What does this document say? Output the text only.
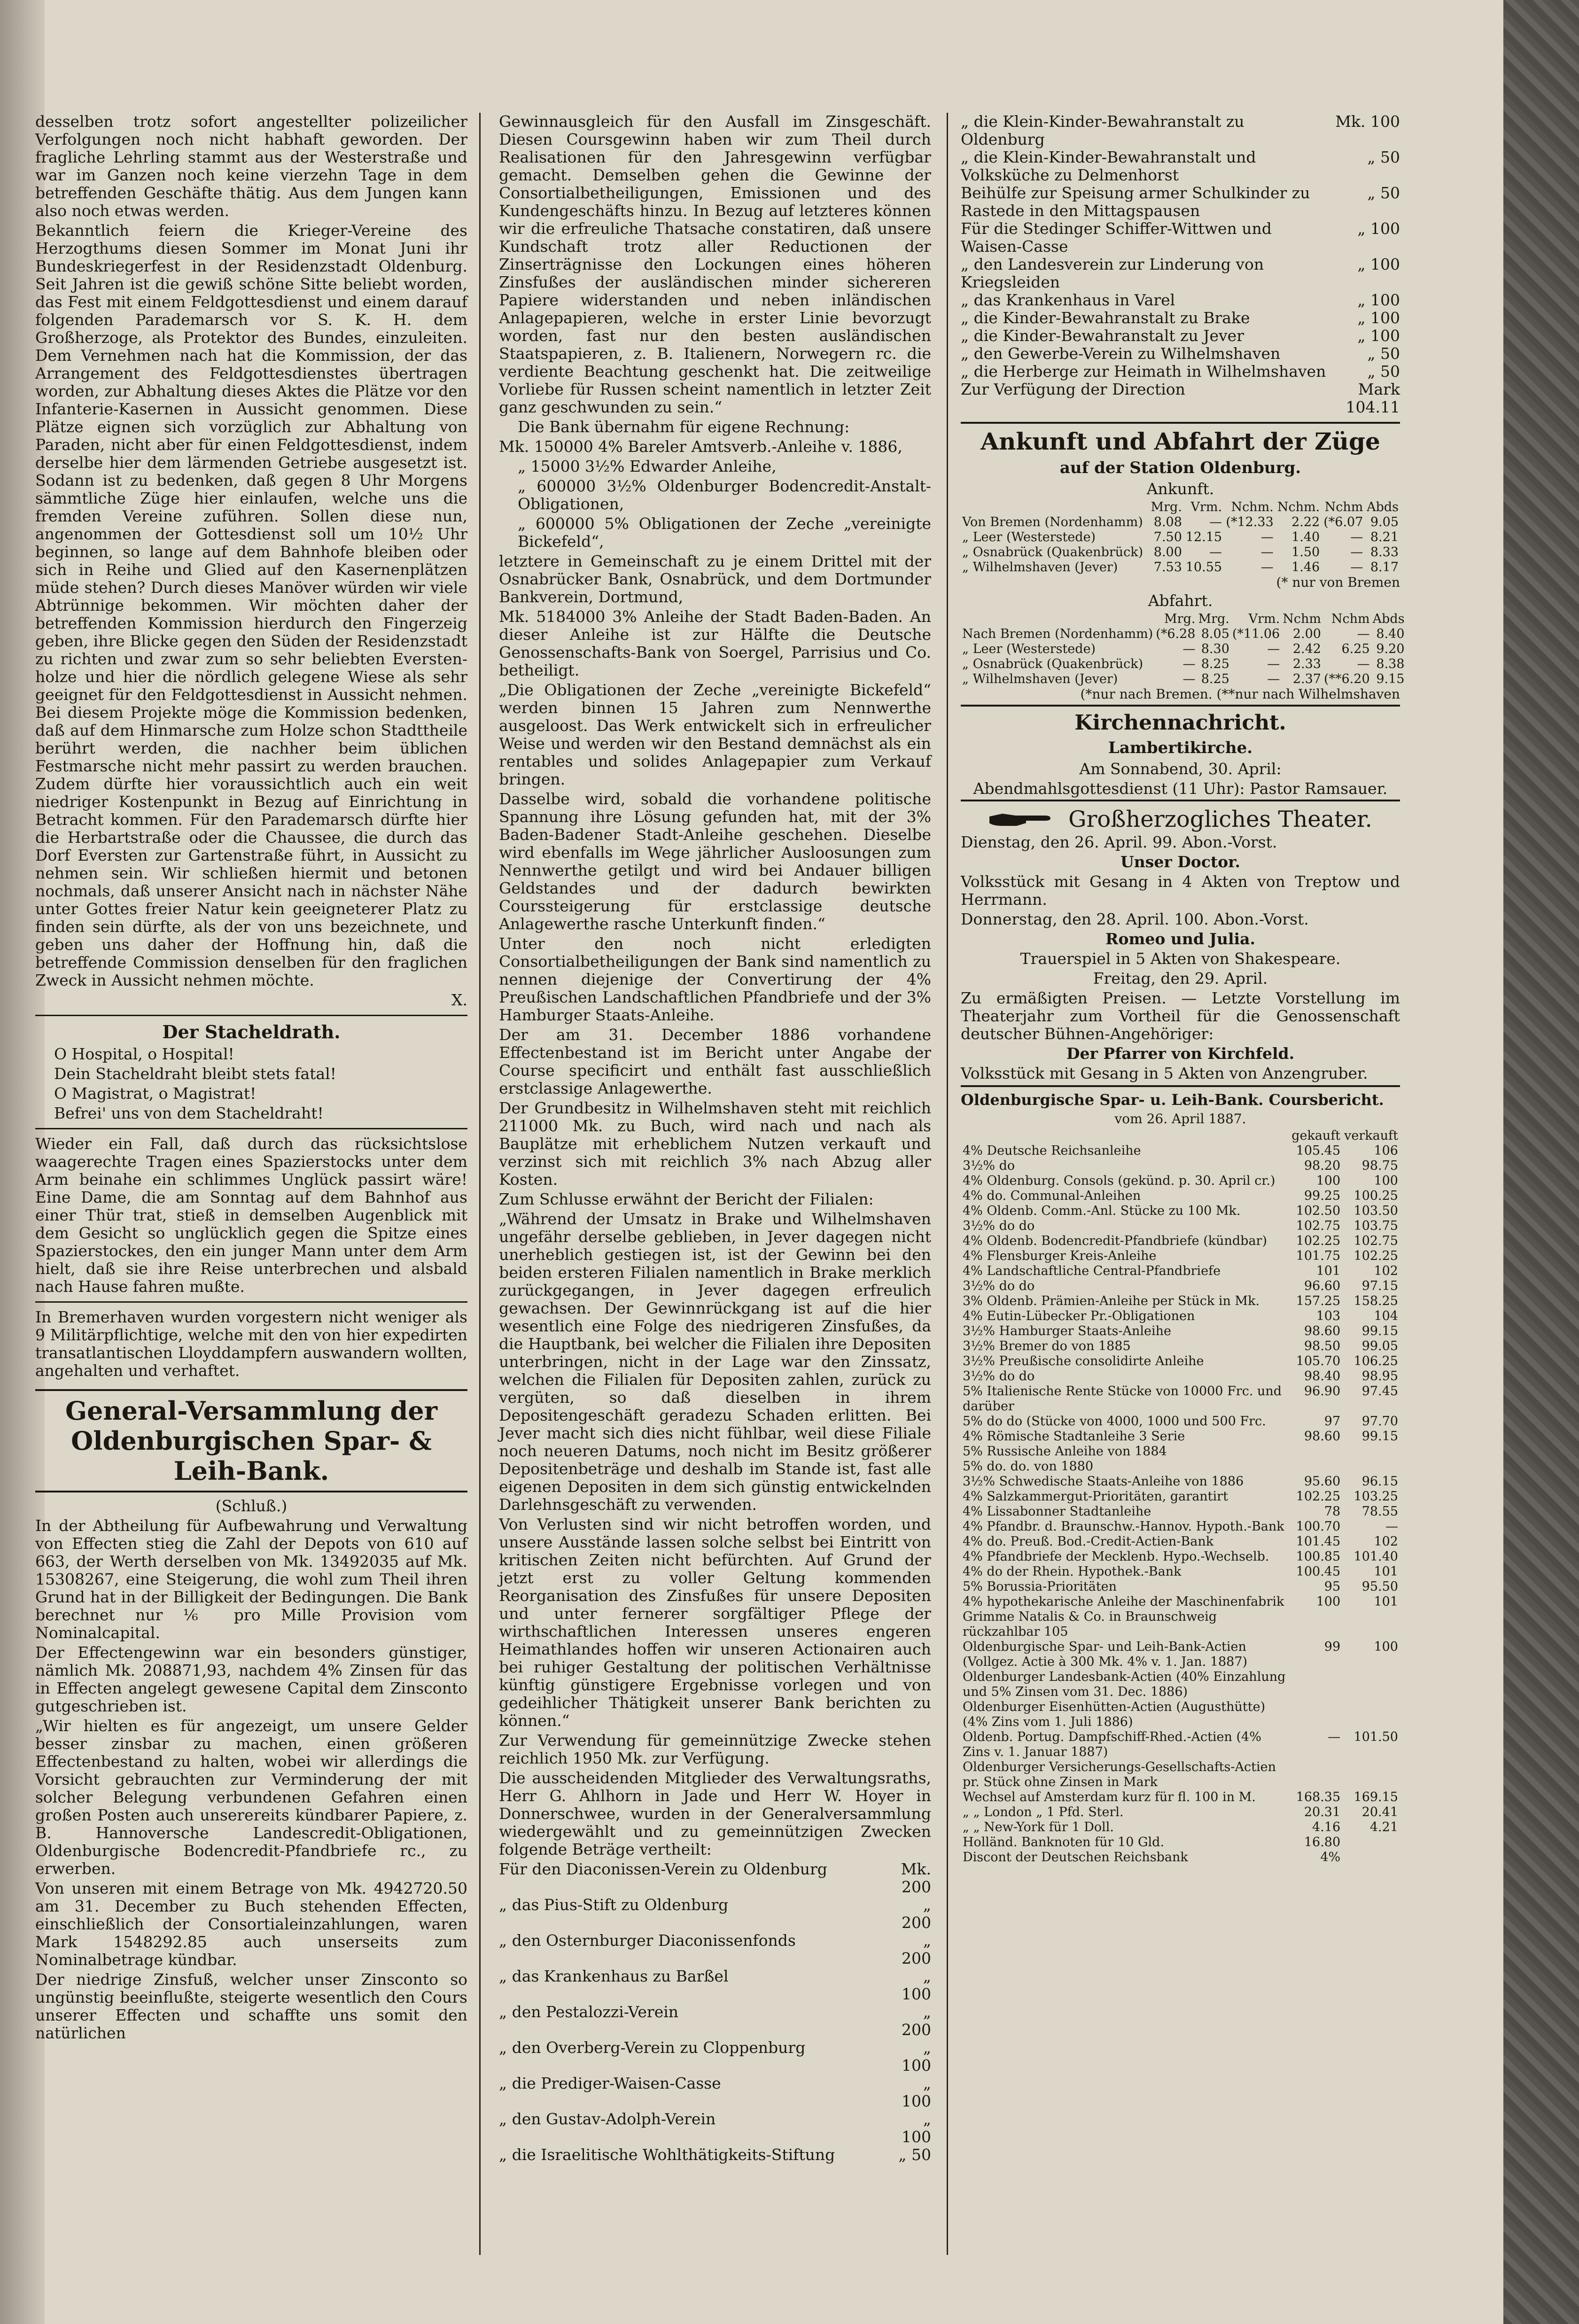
desselben trotz sofort angestellter polizeilicher Verfolgungen noch nicht habhaft geworden. Der fragliche Lehrling stammt aus der Westerstraße und war im Ganzen noch keine vierzehn Tage in dem betreffenden Geschäfte thätig. Aus dem Jungen kann also noch etwas werden.

Bekanntlich feiern die Krieger-Vereine des Herzogthums diesen Sommer im Monat Juni ihr Bundeskriegerfest in der Residenzstadt Oldenburg. Seit Jahren ist die gewiß schöne Sitte beliebt worden, das Fest mit einem Feldgottesdienst und einem darauf folgenden Parademarsch vor S. K. H. dem Großherzoge, als Protektor des Bundes, einzuleiten. Dem Vernehmen nach hat die Kommission, der das Arrangement des Feldgottesdienstes übertragen worden, zur Abhaltung dieses Aktes die Plätze vor den Infanterie-Kasernen in Aussicht genommen. Diese Plätze eignen sich vorzüglich zur Abhaltung von Paraden, nicht aber für einen Feldgottesdienst, indem derselbe hier dem lärmenden Getriebe ausgesetzt ist. Sodann ist zu bedenken, daß gegen 8 Uhr Morgens sämmtliche Züge hier einlaufen, welche uns die fremden Vereine zuführen. Sollen diese nun, angenommen der Gottesdienst soll um 10½ Uhr beginnen, so lange auf dem Bahnhofe bleiben oder sich in Reihe und Glied auf den Kasernenplätzen müde stehen? Durch dieses Manöver würden wir viele Abtrünnige bekommen. Wir möchten daher der betreffenden Kommission hierdurch den Fingerzeig geben, ihre Blicke gegen den Süden der Residenzstadt zu richten und zwar zum so sehr beliebten Eversten-holze und hier die nördlich gelegene Wiese als sehr geeignet für den Feldgottesdienst in Aussicht nehmen. Bei diesem Projekte möge die Kommission bedenken, daß auf dem Hinmarsche zum Holze schon Stadttheile berührt werden, die nachher beim üblichen Festmarsche nicht mehr passirt zu werden brauchen. Zudem dürfte hier voraussichtlich auch ein weit niedriger Kostenpunkt in Bezug auf Einrichtung in Betracht kommen. Für den Parademarsch dürfte hier die Herbartstraße oder die Chaussee, die durch das Dorf Eversten zur Gartenstraße führt, in Aussicht zu nehmen sein. Wir schließen hiermit und betonen nochmals, daß unserer Ansicht nach in nächster Nähe unter Gottes freier Natur kein geeigneterer Platz zu finden sein dürfte, als der von uns bezeichnete, und geben uns daher der Hoffnung hin, daß die betreffende Commission denselben für den fraglichen Zweck in Aussicht nehmen möchte.

X.

Der Stacheldrath.

O Hospital, o Hospital!

Dein Stacheldraht bleibt stets fatal!

O Magistrat, o Magistrat!

Befrei' uns von dem Stacheldraht!

Wieder ein Fall, daß durch das rücksichtslose waagerechte Tragen eines Spazierstocks unter dem Arm beinahe ein schlimmes Unglück passirt wäre! Eine Dame, die am Sonntag auf dem Bahnhof aus einer Thür trat, stieß in demselben Augenblick mit dem Gesicht so unglücklich gegen die Spitze eines Spazierstockes, den ein junger Mann unter dem Arm hielt, daß sie ihre Reise unterbrechen und alsbald nach Hause fahren mußte.

In Bremerhaven wurden vorgestern nicht weniger als 9 Militärpflichtige, welche mit den von hier expedirten transatlantischen Lloyddampfern auswandern wollten, angehalten und verhaftet.

General-Versammlung der Oldenburgischen Spar- & Leih-Bank.

(Schluß.)

In der Abtheilung für Aufbewahrung und Verwaltung von Effecten stieg die Zahl der Depots von 610 auf 663, der Werth derselben von Mk. 13492035 auf Mk. 15308267, eine Steigerung, die wohl zum Theil ihren Grund hat in der Billigkeit der Bedingungen. Die Bank berechnet nur ⅙ pro Mille Provision vom Nominalcapital.

Der Effectengewinn war ein besonders günstiger, nämlich Mk. 208871,93, nachdem 4% Zinsen für das in Effecten angelegt gewesene Capital dem Zinsconto gutgeschrieben ist.

„Wir hielten es für angezeigt, um unsere Gelder besser zinsbar zu machen, einen größeren Effectenbestand zu halten, wobei wir allerdings die Vorsicht gebrauchten zur Verminderung der mit solcher Belegung verbundenen Gefahren einen großen Posten auch unserereits kündbarer Papiere, z. B. Hannoversche Landescredit-Obligationen, Oldenburgische Bodencredit-Pfandbriefe rc., zu erwerben.

Von unseren mit einem Betrage von Mk. 4942720.50 am 31. December zu Buch stehenden Effecten, einschließlich der Consortialeinzahlungen, waren Mark 1548292.85 auch unserseits zum Nominalbetrage kündbar.

Der niedrige Zinsfuß, welcher unser Zinsconto so ungünstig beeinflußte, steigerte wesentlich den Cours unserer Effecten und schaffte uns somit den natürlichen

Gewinnausgleich für den Ausfall im Zinsgeschäft. Diesen Coursgewinn haben wir zum Theil durch Realisationen für den Jahresgewinn verfügbar gemacht. Demselben gehen die Gewinne der Consortialbetheiligungen, Emissionen und des Kundengeschäfts hinzu. In Bezug auf letzteres können wir die erfreuliche Thatsache constatiren, daß unsere Kundschaft trotz aller Reductionen der Zinserträgnisse den Lockungen eines höheren Zinsfußes der ausländischen minder sichereren Papiere widerstanden und neben inländischen Anlagepapieren, welche in erster Linie bevorzugt worden, fast nur den besten ausländischen Staatspapieren, z. B. Italienern, Norwegern rc. die verdiente Beachtung geschenkt hat. Die zeitweilige Vorliebe für Russen scheint namentlich in letzter Zeit ganz geschwunden zu sein.“

Die Bank übernahm für eigene Rechnung:

Mk. 150000 4% Bareler Amtsverb.-Anleihe v. 1886,

„ 15000 3½% Edwarder Anleihe,

„ 600000 3½% Oldenburger Bodencredit-Anstalt-Obligationen,

„ 600000 5% Obligationen der Zeche „vereinigte Bickefeld“,

letztere in Gemeinschaft zu je einem Drittel mit der Osnabrücker Bank, Osnabrück, und dem Dortmunder Bankverein, Dortmund,

Mk. 5184000 3% Anleihe der Stadt Baden-Baden. An dieser Anleihe ist zur Hälfte die Deutsche Genossenschafts-Bank von Soergel, Parrisius und Co. betheiligt.

„Die Obligationen der Zeche „vereinigte Bickefeld“ werden binnen 15 Jahren zum Nennwerthe ausgeloost. Das Werk entwickelt sich in erfreulicher Weise und werden wir den Bestand demnächst als ein rentables und solides Anlagepapier zum Verkauf bringen.

Dasselbe wird, sobald die vorhandene politische Spannung ihre Lösung gefunden hat, mit der 3% Baden-Badener Stadt-Anleihe geschehen. Dieselbe wird ebenfalls im Wege jährlicher Ausloosungen zum Nennwerthe getilgt und wird bei Andauer billigen Geldstandes und der dadurch bewirkten Courssteigerung für erstclassige deutsche Anlagewerthe rasche Unterkunft finden.“

Unter den noch nicht erledigten Consortialbetheiligungen der Bank sind namentlich zu nennen diejenige der Convertirung der 4% Preußischen Landschaftlichen Pfandbriefe und der 3% Hamburger Staats-Anleihe.

Der am 31. December 1886 vorhandene Effectenbestand ist im Bericht unter Angabe der Course specificirt und enthält fast ausschließlich erstclassige Anlagewerthe.

Der Grundbesitz in Wilhelmshaven steht mit reichlich 211000 Mk. zu Buch, wird nach und nach als Bauplätze mit erheblichem Nutzen verkauft und verzinst sich mit reichlich 3% nach Abzug aller Kosten.

Zum Schlusse erwähnt der Bericht der Filialen:

„Während der Umsatz in Brake und Wilhelmshaven ungefähr derselbe geblieben, in Jever dagegen nicht unerheblich gestiegen ist, ist der Gewinn bei den beiden ersteren Filialen namentlich in Brake merklich zurückgegangen, in Jever dagegen erfreulich gewachsen. Der Gewinnrückgang ist auf die hier wesentlich eine Folge des niedrigeren Zinsfußes, da die Hauptbank, bei welcher die Filialen ihre Depositen unterbringen, nicht in der Lage war den Zinssatz, welchen die Filialen für Depositen zahlen, zurück zu vergüten, so daß dieselben in ihrem Depositengeschäft geradezu Schaden erlitten. Bei Jever macht sich dies nicht fühlbar, weil diese Filiale noch neueren Datums, noch nicht im Besitz größerer Depositenbeträge und deshalb im Stande ist, fast alle eigenen Depositen in dem sich günstig entwickelnden Darlehnsgeschäft zu verwenden.

Von Verlusten sind wir nicht betroffen worden, und unsere Ausstände lassen solche selbst bei Eintritt von kritischen Zeiten nicht befürchten. Auf Grund der jetzt erst zu voller Geltung kommenden Reorganisation des Zinsfußes für unsere Depositen und unter fernerer sorgfältiger Pflege der wirthschaftlichen Interessen unseres engeren Heimathlandes hoffen wir unseren Actionairen auch bei ruhiger Gestaltung der politischen Verhältnisse künftig günstigere Ergebnisse vorlegen und von gedeihlicher Thätigkeit unserer Bank berichten zu können.“

Zur Verwendung für gemeinnützige Zwecke stehen reichlich 1950 Mk. zur Verfügung.

Die ausscheidenden Mitglieder des Verwaltungsraths, Herr G. Ahlhorn in Jade und Herr W. Hoyer in Donnerschwee, wurden in der Generalversammlung wiedergewählt und zu gemeinnützigen Zwecken folgende Beträge vertheilt:

Für den Diaconissen-Verein zu Oldenburg	Mk. 200
„ das Pius-Stift zu Oldenburg	„ 200
„ den Osternburger Diaconissenfonds	„ 200
„ das Krankenhaus zu Barßel	„ 100
„ den Pestalozzi-Verein	„ 200
„ den Overberg-Verein zu Cloppenburg	„ 100
„ die Prediger-Waisen-Casse	„ 100
„ den Gustav-Adolph-Verein	„ 100
„ die Israelitische Wohlthätigkeits-Stiftung	„ 50
„ die Klein-Kinder-Bewahranstalt zu Oldenburg
Mk. 100
„ die Klein-Kinder-Bewahranstalt und Volksküche zu Delmenhorst
„ 50
Beihülfe zur Speisung armer Schulkinder zu Rastede in den Mittagspausen
„ 50
Für die Stedinger Schiffer-Wittwen und Waisen-Casse
„ 100
„ den Landesverein zur Linderung von Kriegsleiden
„ 100
„ das Krankenhaus in Varel	„ 100
„ die Kinder-Bewahranstalt zu Brake	„ 100
„ die Kinder-Bewahranstalt zu Jever	„ 100
„ den Gewerbe-Verein zu Wilhelmshaven	„ 50
„ die Herberge zur Heimath in Wilhelmshaven	„ 50
Zur Verfügung der Direction	Mark 104.11
Ankunft und Abfahrt der Züge
auf der Station Oldenburg.

Ankunft.

	Mrg.	Vrm.	Nchm.	Nchm.	Nchm	Abds
Von Bremen (Nordenhamm)	8.08	—	(*12.33	2.22	(*6.07	9.05
„ Leer (Westerstede)	7.50	12.15	—	1.40	—	8.21
„ Osnabrück (Quakenbrück)	8.00	—	—	1.50	—	8.33
„ Wilhelmshaven (Jever)	7.53	10.55	—	1.46	—	8.17

(* nur von Bremen

Abfahrt.

	Mrg.	Mrg.	Vrm.	Nchm	Nchm	Abds
Nach Bremen (Nordenhamm)	(*6.28	8.05	(*11.06	2.00	—	8.40
„ Leer (Westerstede)	—	8.30	—	2.42	6.25	9.20
„ Osnabrück (Quakenbrück)	—	8.25	—	2.33	—	8.38
„ Wilhelmshaven (Jever)	—	8.25	—	2.37	(**6.20	9.15

(*nur nach Bremen. (**nur nach Wilhelmshaven

Kirchennachricht.
Lambertikirche.

Am Sonnabend, 30. April:

Abendmahlsgottesdienst (11 Uhr): Pastor Ramsauer.

Großherzogliches Theater.

Dienstag, den 26. April. 99. Abon.-Vorst.

Unser Doctor.

Volksstück mit Gesang in 4 Akten von Treptow und Herrmann.

Donnerstag, den 28. April. 100. Abon.-Vorst.

Romeo und Julia.

Trauerspiel in 5 Akten von Shakespeare.

Freitag, den 29. April.

Zu ermäßigten Preisen. — Letzte Vorstellung im Theaterjahr zum Vortheil für die Genossenschaft deutscher Bühnen-Angehöriger:

Der Pfarrer von Kirchfeld.

Volksstück mit Gesang in 5 Akten von Anzengruber.

Oldenburgische Spar- u. Leih-Bank. Coursbericht.

vom 26. April 1887.

	gekauft	verkauft
4% Deutsche Reichsanleihe	105.45	106
3½% do	98.20	98.75
4% Oldenburg. Consols (gekünd. p. 30. April cr.)	100	100
4% do. Communal-Anleihen	99.25	100.25
4% Oldenb. Comm.-Anl. Stücke zu 100 Mk.	102.50	103.50
3½% do do	102.75	103.75
4% Oldenb. Bodencredit-Pfandbriefe (kündbar)	102.25	102.75
4% Flensburger Kreis-Anleihe	101.75	102.25
4% Landschaftliche Central-Pfandbriefe	101	102
3½% do do	96.60	97.15
3% Oldenb. Prämien-Anleihe per Stück in Mk.	157.25	158.25
4% Eutin-Lübecker Pr.-Obligationen	103	104
3½% Hamburger Staats-Anleihe	98.60	99.15
3½% Bremer do von 1885	98.50	99.05
3½% Preußische consolidirte Anleihe	105.70	106.25
3½% do do	98.40	98.95
5% Italienische Rente Stücke von 10000 Frc. und darüber	96.90	97.45
5% do do (Stücke von 4000, 1000 und 500 Frc.	97	97.70
4% Römische Stadtanleihe 3 Serie	98.60	99.15
5% Russische Anleihe von 1884		
5% do. do. von 1880		
3½% Schwedische Staats-Anleihe von 1886	95.60	96.15
4% Salzkammergut-Prioritäten, garantirt	102.25	103.25
4% Lissabonner Stadtanleihe	78	78.55
4% Pfandbr. d. Braunschw.-Hannov. Hypoth.-Bank	100.70	—
4% do. Preuß. Bod.-Credit-Actien-Bank	101.45	102
4% Pfandbriefe der Mecklenb. Hypo.-Wechselb.	100.85	101.40
4% do der Rhein. Hypothek.-Bank	100.45	101
5% Borussia-Prioritäten	95	95.50
4% hypothekarische Anleihe der Maschinenfabrik Grimme Natalis & Co. in Braunschweig rückzahlbar 105	100	101
Oldenburgische Spar- und Leih-Bank-Actien (Vollgez. Actie à 300 Mk. 4% v. 1. Jan. 1887)	99	100
Oldenburger Landesbank-Actien (40% Einzahlung und 5% Zinsen vom 31. Dec. 1886)		
Oldenburger Eisenhütten-Actien (Augusthütte) (4% Zins vom 1. Juli 1886)		
Oldenb. Portug. Dampfschiff-Rhed.-Actien (4% Zins v. 1. Januar 1887)	—	101.50
Oldenburger Versicherungs-Gesellschafts-Actien pr. Stück ohne Zinsen in Mark		
Wechsel auf Amsterdam kurz für fl. 100 in M.	168.35	169.15
„ „ London „ 1 Pfd. Sterl.	20.31	20.41
„ „ New-York für 1 Doll.	4.16	4.21
Holländ. Banknoten für 10 Gld.	16.80	
Discont der Deutschen Reichsbank	4%	
